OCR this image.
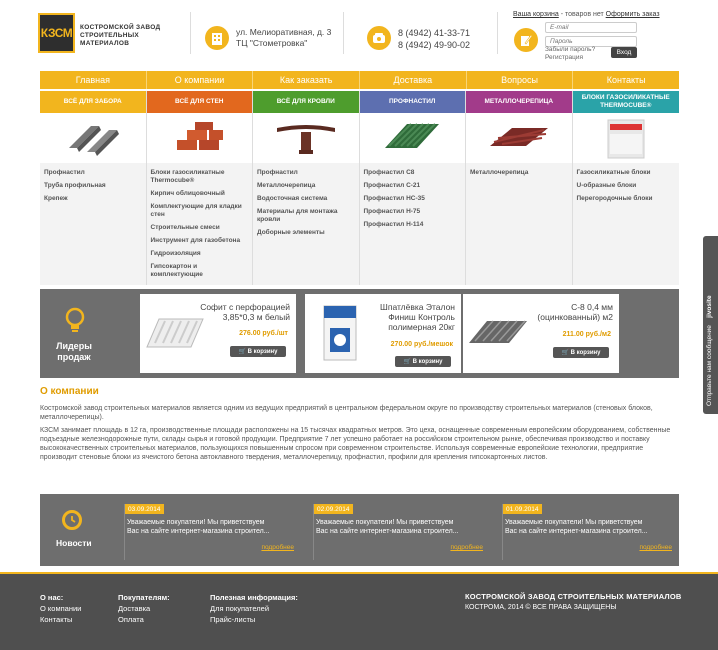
КЗСМ	КОСТРОМСКОЙ ЗАВОД СТРОИТЕЛЬНЫХ МАТЕРИАЛОВ
ул. Мелиоративная, д. 3
ТЦ "Стометровка"
8 (4942) 41-33-71
8 (4942) 49-90-02
Ваша корзина - товаров нет Оформить заказ
E-mail
Забыли пароль?
Регистрация
Вход
Главная	О компании	Как заказать	Доставка	Вопросы	Контакты
ВСЁ ДЛЯ ЗАБОРА
Профнастил
Труба профильная
Крепеж
ВСЁ ДЛЯ СТЕН
Блоки газосиликатные Thermocube®
Кирпич облицовочный
Комплектующие для кладки стен
Строительные смеси
Инструмент для газобетона
Гидроизоляция
Гипсокартон и комплектующие
ВСЁ ДЛЯ КРОВЛИ
Профнастил
Металлочерепица
Водосточная система
Материалы для монтажа кровли
Доборные элементы
ПРОФНАСТИЛ
Профнастил С8
Профнастил С-21
Профнастил НС-35
Профнастил Н-75
Профнастил Н-114
МЕТАЛЛОЧЕРЕПИЦА
Металлочерепица
БЛОКИ ГАЗОСИЛИКАТНЫЕ THERMOCUBE®
Газосиликатные блоки
U-образные блоки
Перегородочные блоки
Лидеры
продаж
Софит с перфорацией 3,85*0,3 м белый
276.00 руб./шт
🛒 В корзину
Шпатлёвка Эталон Финиш Контроль полимерная 20кг
270.00 руб./мешок
🛒 В корзину
С-8 0,4 мм (оцинкованный) м2
211.00 руб./м2
🛒 В корзину
О компании
Костромской завод строительных материалов является одним из ведущих предприятий в центральном федеральном округе по производству строительных материалов (стеновых блоков, металлочерепицы).
КЗСМ занимает площадь в 12 га, производственные площади расположены на 15 тысячах квадратных метров. Это цеха, оснащенные современным европейским оборудованием, собственные подъездные железнодорожные пути, склады сырья и готовой продукции. Предприятие 7 лет успешно работает на российском строительном рынке, обеспечивая производство и поставку высококачественных строительных материалов, пользующихся повышенным спросом при современном строительстве. Используя современные европейские технологии, предприятие производит стеновые блоки из ячеистого бетона автоклавного твердения, металлочерепицу, профнастил, профили для крепления гипсокартонных листов.
Новости
03.09.2014
Уважаемые покупатели! Мы приветствуем Вас на сайте интернет-магазина строител...
подробнее
02.09.2014
Уважаемые покупатели! Мы приветствуем Вас на сайте интернет-магазина строител...
подробнее
01.09.2014
Уважаемые покупатели! Мы приветствуем Вас на сайте интернет-магазина строител...
подробнее
О нас:
О компании
Контакты
Покупателям:
Доставка
Оплата
Полезная информация:
Для покупателей
Прайс-листы
КОСТРОМСКОЙ ЗАВОД СТРОИТЕЛЬНЫХ МАТЕРИАЛОВ
КОСТРОМА, 2014 © ВСЕ ПРАВА ЗАЩИЩЕНЫ
Отправьте нам сообщение    jivosite
